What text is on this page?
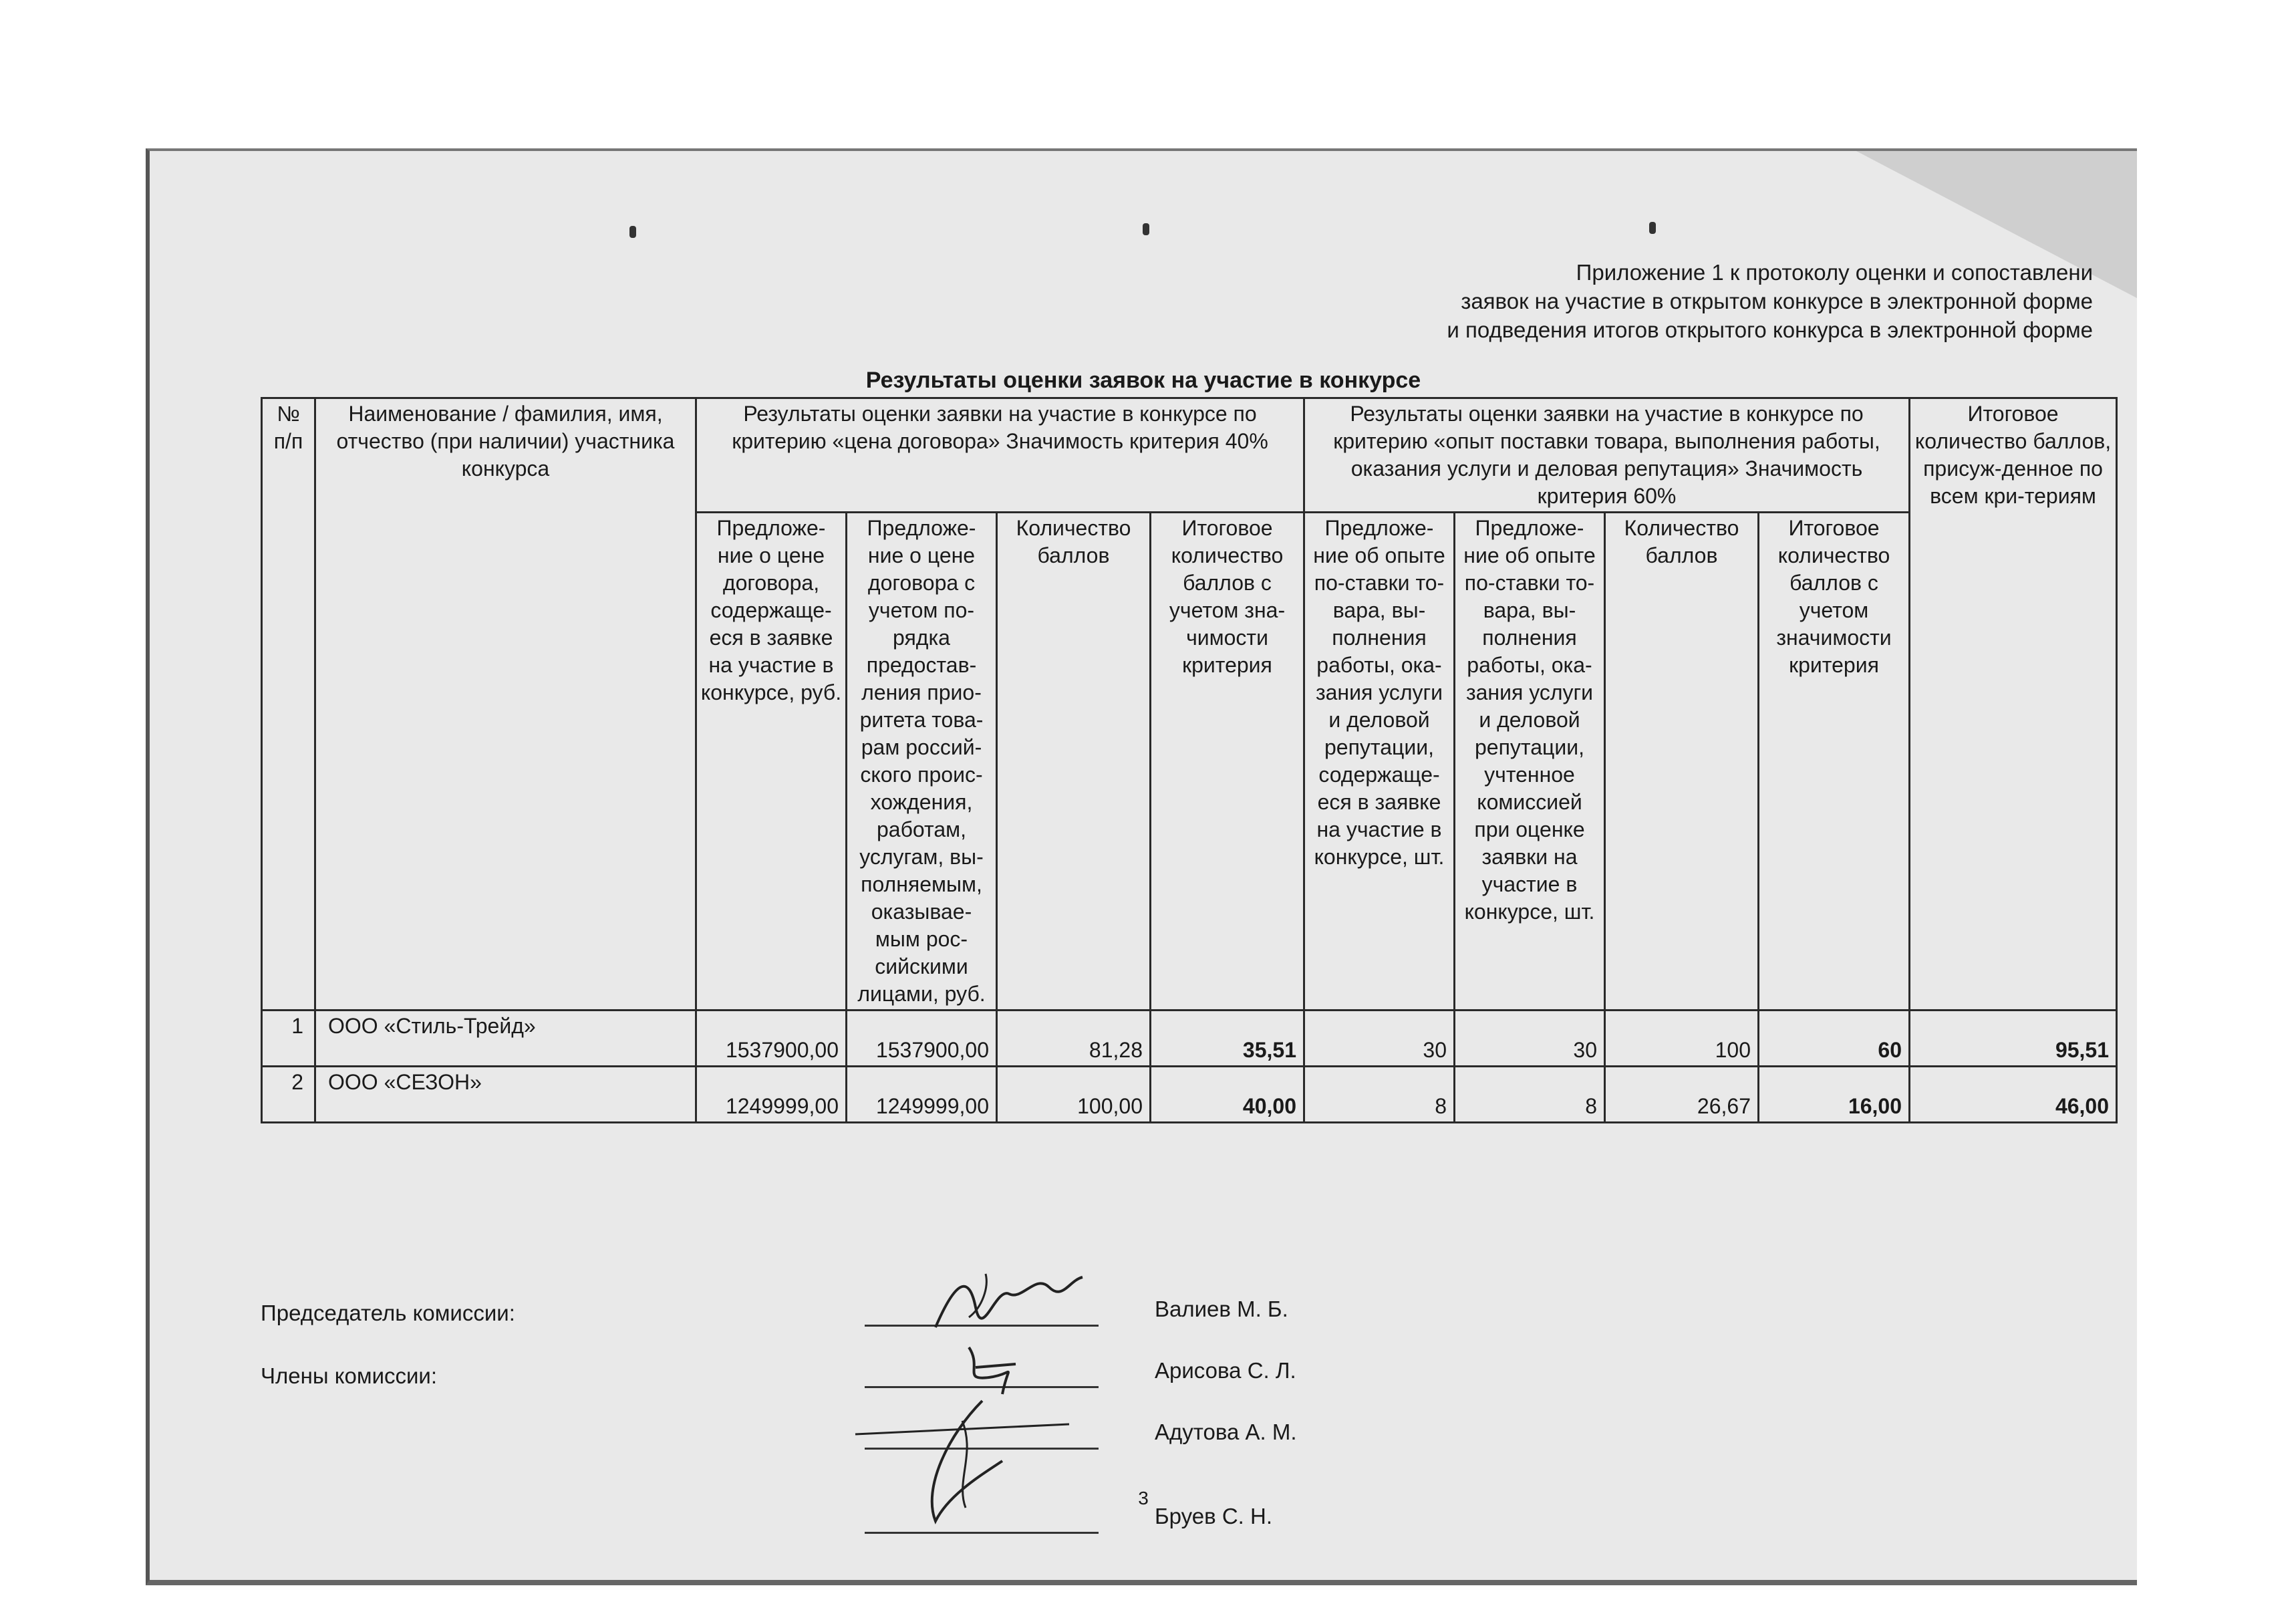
Приложение 1 к протоколу оценки и сопоставлени
заявок на участие в открытом конкурсе в электронной форме
и подведения итогов открытого конкурса в электронной форме
Результаты оценки заявок на участие в конкурсе
№ п/п	Наименование / фамилия, имя, отчество (при наличии) участника конкурса	Результаты оценки заявки на участие в конкурсе по критерию «цена договора» Значимость критерия 40%				Результаты оценки заявки на участие в конкурсе по критерию «опыт поставки товара, выполнения работы, оказания услуги и деловая репутация» Значимость критерия 60%				Итоговое количество баллов, присуж-денное по всем кри-териям
		Предложе-ние о цене договора, содержаще-еся в заявке на участие в конкурсе, руб.	Предложе-ние о цене договора с учетом по-рядка предостав-ления прио-ритета това-рам россий-ского проис-хождения, работам, услугам, вы-полняемым, оказывае-мым рос-сийскими лицами, руб.	Количество баллов	Итоговое количество баллов с учетом зна-чимости критерия	Предложе-ние об опыте по-ставки то-вара, вы-полнения работы, ока-зания услуги и деловой репутации, содержаще-еся в заявке на участие в конкурсе, шт.	Предложе-ние об опыте по-ставки то-вара, вы-полнения работы, ока-зания услуги и деловой репутации, учтенное комиссией при оценке заявки на участие в конкурсе, шт.	Количество баллов	Итоговое количество баллов с учетом значимости критерия	
1	ООО «Стиль-Трейд»	1537900,00	1537900,00	81,28	35,51	30	30	100	60	95,51
2	ООО «СЕЗОН»	1249999,00	1249999,00	100,00	40,00	8	8	26,67	16,00	46,00
Председатель комиссии:
Члены комиссии:
Валиев М. Б.
Арисова С. Л.
Адутова А. М.
Бруев С. Н.
3
